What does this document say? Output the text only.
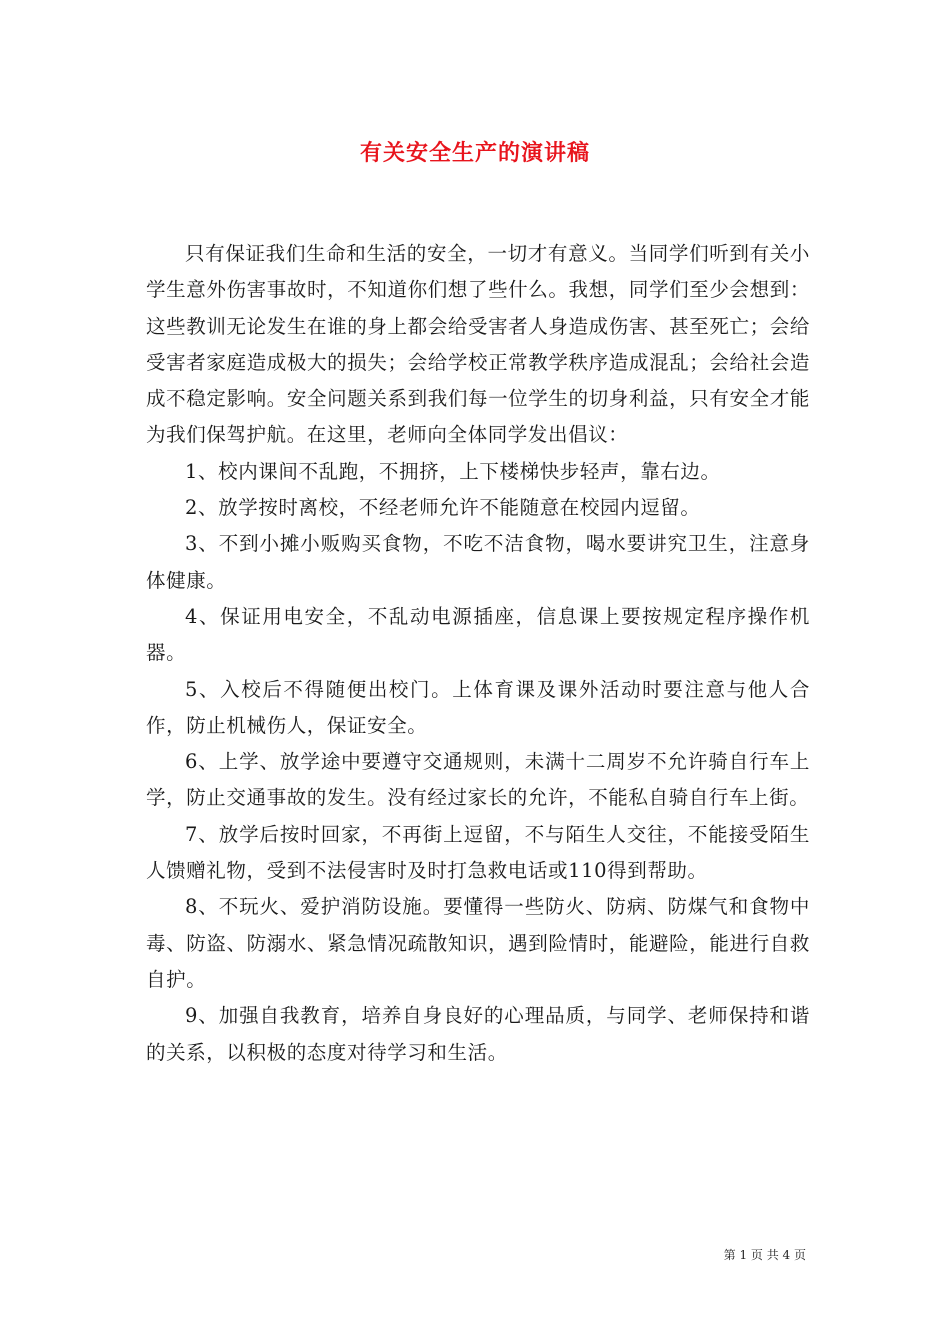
有关安全生产的演讲稿

只有保证我们生命和生活的安全，一切才有意义。当同学们听到有关小学生意外伤害事故时，不知道你们想了些什么。我想，同学们至少会想到：这些教训无论发生在谁的身上都会给受害者人身造成伤害、甚至死亡；会给受害者家庭造成极大的损失；会给学校正常教学秩序造成混乱；会给社会造成不稳定影响。安全问题关系到我们每一位学生的切身利益，只有安全才能为我们保驾护航。在这里，老师向全体同学发出倡议：

1、校内课间不乱跑，不拥挤，上下楼梯快步轻声，靠右边。

2、放学按时离校，不经老师允许不能随意在校园内逗留。

3、不到小摊小贩购买食物，不吃不洁食物，喝水要讲究卫生，注意身体健康。

4、保证用电安全，不乱动电源插座，信息课上要按规定程序操作机器。

5、入校后不得随便出校门。上体育课及课外活动时要注意与他人合作，防止机械伤人，保证安全。

6、上学、放学途中要遵守交通规则，未满十二周岁不允许骑自行车上学，防止交通事故的发生。没有经过家长的允许，不能私自骑自行车上街。

7、放学后按时回家，不再街上逗留，不与陌生人交往，不能接受陌生人馈赠礼物，受到不法侵害时及时打急救电话或110得到帮助。

8、不玩火、爱护消防设施。要懂得一些防火、防病、防煤气和食物中毒、防盗、防溺水、紧急情况疏散知识，遇到险情时，能避险，能进行自救自护。

9、加强自我教育，培养自身良好的心理品质，与同学、老师保持和谐的关系，以积极的态度对待学习和生活。

第 1 页 共 4 页
